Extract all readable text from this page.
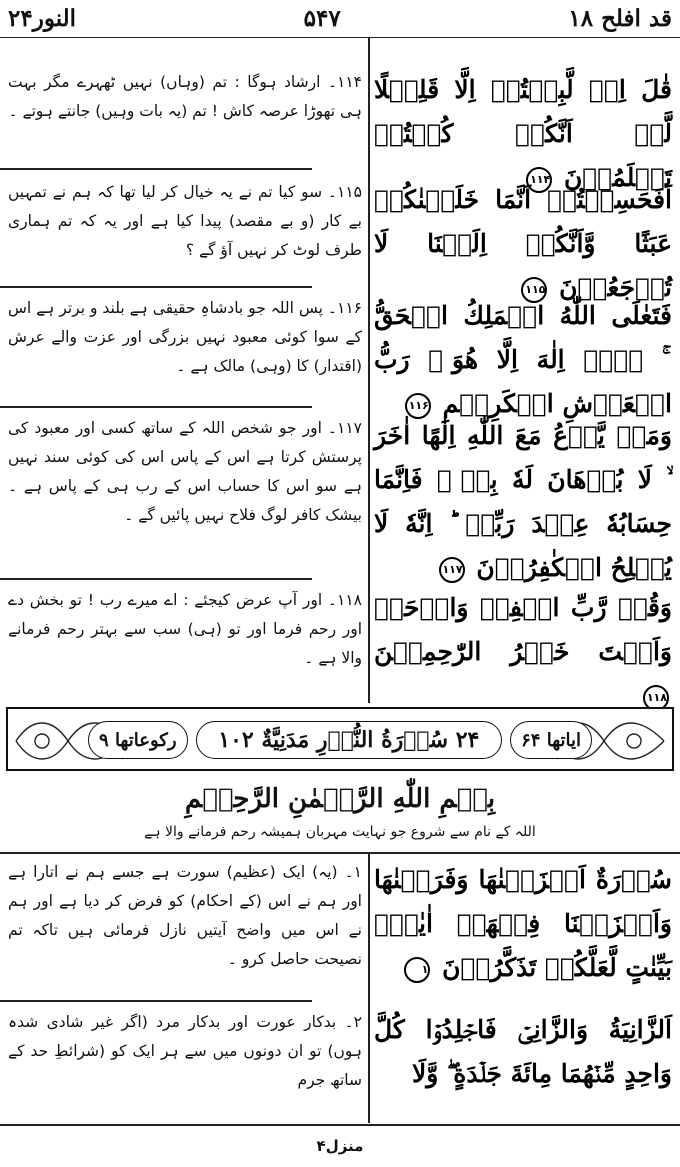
قد افلح ۱۸
۵۴۷
النور۲۴
قٰلَ اِنۡ لَّبِثۡتُمۡ اِلَّا قَلِيۡلًا لَّوۡ اَنَّكُمۡ كُنۡتُمۡ تَعۡلَمُوۡنَ ۱۱۴
۱۱۴۔ ارشاد ہوگا : تم (وہاں) نہیں ٹھہرے مگر بہت ہی تھوڑا عرصہ کاش ! تم (یہ بات وہیں) جانتے ہوتے ۔
اَفَحَسِبۡتُمۡ اَنَّمَا خَلَقۡنٰكُمۡ عَبَثًا وَّاَنَّكُمۡ اِلَيۡنَا لَا تُرۡجَعُوۡنَ ۱۱۵
۱۱۵۔ سو کیا تم نے یہ خیال کر لیا تھا کہ ہم نے تمہیں بے کار (و بے مقصد) پیدا کیا ہے اور یہ کہ تم ہماری طرف لوٹ کر نہیں آؤ گے ؟
فَتَعٰلَى اللّٰهُ الۡمَلِكُ الۡحَقُّ ۚ لَاۤ اِلٰهَ اِلَّا هُوَ ۚ رَبُّ الۡعَرۡشِ الۡكَرِيۡمِ ۱۱۶
۱۱۶۔ پس اللہ جو بادشاہِ حقیقی ہے بلند و برتر ہے اس کے سوا کوئی معبود نہیں بزرگی اور عزت والے عرش (اقتدار) کا (وہی) مالک ہے ۔
وَمَنۡ يَّدۡعُ مَعَ اللّٰهِ اِلٰهًا اٰخَرَ ۙ لَا بُرۡهَانَ لَهٗ بِهٖ ۙ فَاِنَّمَا حِسَابُهٗ عِنۡدَ رَبِّهٖ ؕ اِنَّهٗ لَا يُفۡلِحُ الۡكٰفِرُوۡنَ ۱۱۷
۱۱۷۔ اور جو شخص اللہ کے ساتھ کسی اور معبود کی پرستش کرتا ہے اس کے پاس اس کی کوئی سند نہیں ہے سو اس کا حساب اس کے رب ہی کے پاس ہے ۔ بیشک کافر لوگ فلاح نہیں پائیں گے ۔
وَقُلۡ رَّبِّ اغۡفِرۡ وَارۡحَمۡ وَاَنۡتَ خَيۡرُ الرّٰحِمِيۡنَ ۱۱۸
۱۱۸۔ اور آپ عرض کیجئے : اے میرے رب ! تو بخش دے اور رحم فرما اور تو (ہی) سب سے بہتر رحم فرمانے والا ہے ۔
ایاتھا ۶۴
۲۴ سُوۡرَةُ النُّوۡرِ مَدَنِيَّةٌ ۱۰۲
رکوعاتھا ۹
بِسۡمِ اللّٰهِ الرَّحۡمٰنِ الرَّحِيۡمِ
اللہ کے نام سے شروع جو نہایت مہربان ہمیشہ رحم فرمانے والا ہے
سُوۡرَةٌ اَنۡزَلۡنٰهَا وَفَرَضۡنٰهَا وَاَنۡزَلۡنَا فِيۡهَاۤ اٰيٰتٍۢ بَيِّنٰتٍ لَّعَلَّكُمۡ تَذَكَّرُوۡنَ ۱
۱۔ (یہ) ایک (عظیم) سورت ہے جسے ہم نے اتارا ہے اور ہم نے اس (کے احکام) کو فرض کر دیا ہے اور ہم نے اس میں واضح آیتیں نازل فرمائی ہیں تاکہ تم نصیحت حاصل کرو ۔
اَلزَّانِيَةُ وَالزَّانِىۡ فَاجۡلِدُوۡا كُلَّ وَاحِدٍ مِّنۡهُمَا مِائَةَ جَلۡدَةٍ ۖ وَّلَا
۲۔ بدکار عورت اور بدکار مرد (اگر غیر شادی شدہ ہوں) تو ان دونوں میں سے ہر ایک کو (شرائطِ حد کے ساتھ جرم
منزل۴
